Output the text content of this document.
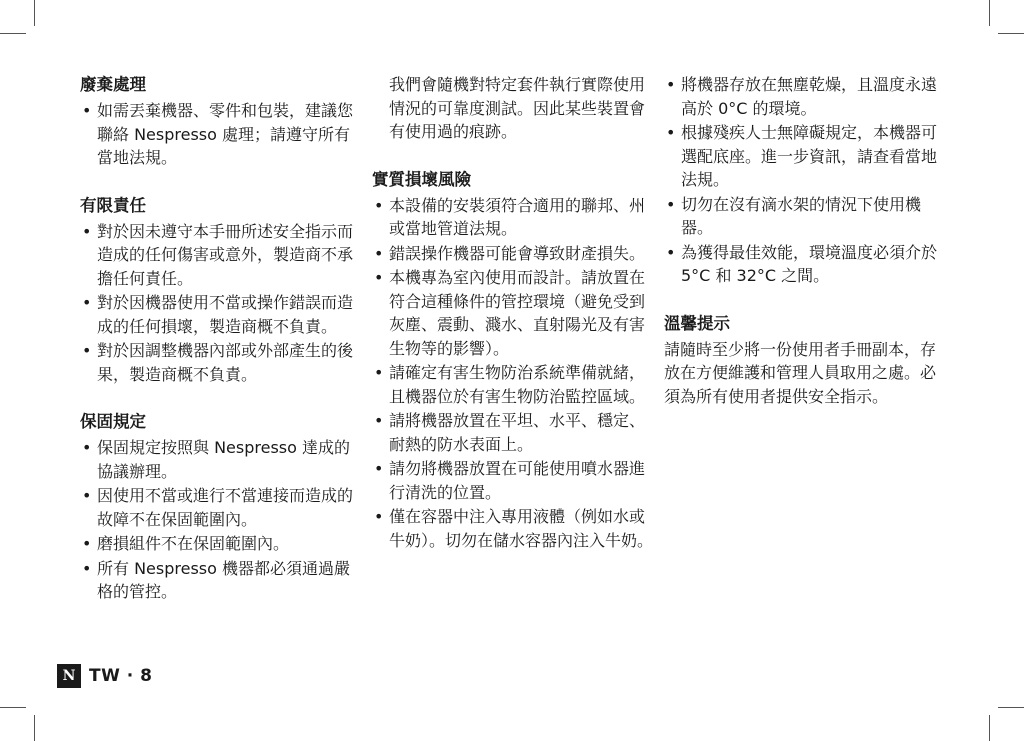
廢棄處理
• 如需丟棄機器、零件和包裝，建議您聯絡 Nespresso 處理；請遵守所有當地法規。
有限責任
• 對於因未遵守本手冊所述安全指示而造成的任何傷害或意外，製造商不承擔任何責任。
• 對於因機器使用不當或操作錯誤而造成的任何損壞，製造商概不負責。
• 對於因調整機器內部或外部產生的後果，製造商概不負責。
保固規定
• 保固規定按照與 Nespresso 達成的協議辦理。
• 因使用不當或進行不當連接而造成的故障不在保固範圍內。
• 磨損組件不在保固範圍內。
• 所有 Nespresso 機器都必須通過嚴格的管控。

我們會隨機對特定套件執行實際使用情況的可靠度測試。因此某些裝置會有使用過的痕跡。

實質損壞風險
• 本設備的安裝須符合適用的聯邦、州或當地管道法規。
• 錯誤操作機器可能會導致財產損失。
• 本機專為室內使用而設計。請放置在符合這種條件的管控環境（避免受到灰塵、震動、濺水、直射陽光及有害生物等的影響）。
• 請確定有害生物防治系統準備就緒，且機器位於有害生物防治監控區域。
• 請將機器放置在平坦、水平、穩定、耐熱的防水表面上。
• 請勿將機器放置在可能使用噴水器進行清洗的位置。
• 僅在容器中注入專用液體（例如水或牛奶）。切勿在儲水容器內注入牛奶。
• 將機器存放在無塵乾燥，且溫度永遠高於 0°C 的環境。
• 根據殘疾人士無障礙規定，本機器可選配底座。進一步資訊，請查看當地法規。
• 切勿在沒有滴水架的情況下使用機器。
• 為獲得最佳效能，環境溫度必須介於 5°C 和 32°C 之間。
溫馨提示

請隨時至少將一份使用者手冊副本，存放在方便維護和管理人員取用之處。必須為所有使用者提供安全指示。

N TW · 8
